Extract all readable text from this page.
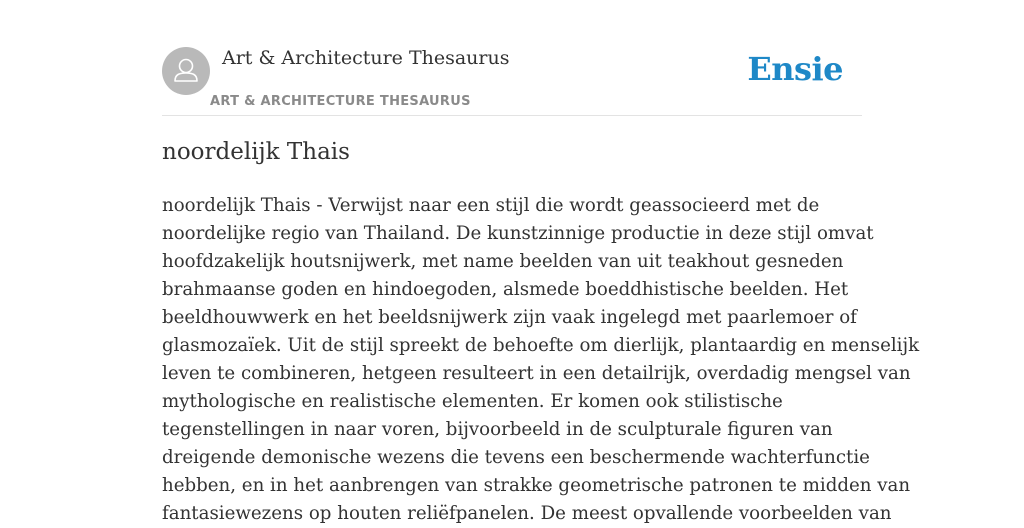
Art & Architecture Thesaurus
ART & ARCHITECTURE THESAURUS
Ensie
noordelijk Thais

noordelijk Thais - Verwijst naar een stijl die wordt geassocieerd met de
noordelijke regio van Thailand. De kunstzinnige productie in deze stijl omvat
hoofdzakelijk houtsnijwerk, met name beelden van uit teakhout gesneden
brahmaanse goden en hindoegoden, alsmede boeddhistische beelden. Het
beeldhouwwerk en het beeldsnijwerk zijn vaak ingelegd met paarlemoer of
glasmozaïek. Uit de stijl spreekt de behoefte om dierlijk, plantaardig en menselijk
leven te combineren, hetgeen resulteert in een detailrijk, overdadig mengsel van
mythologische en realistische elementen. Er komen ook stilistische
tegenstellingen in naar voren, bijvoorbeeld in de sculpturale figuren van
dreigende demonische wezens die tevens een beschermende wachterfunctie
hebben, en in het aanbrengen van strakke geometrische patronen te midden van
fantasiewezens op houten reliëfpanelen. De meest opvallende voorbeelden van
